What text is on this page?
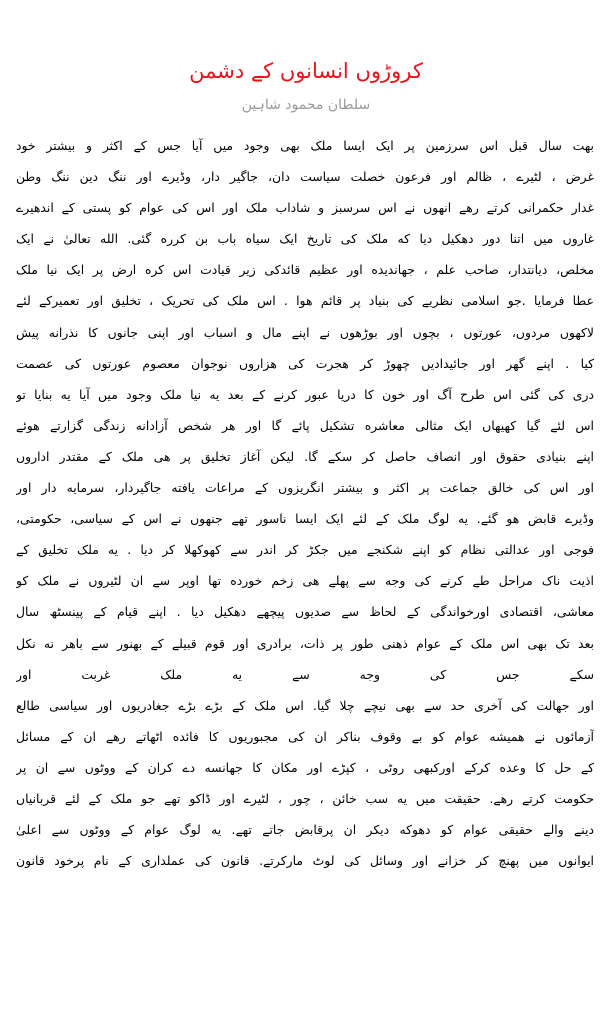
کروڑوں انسانوں کے دشمن
سلطان محمود شاہین
بهت سال قبل اس سرزمین پر ایک ایسا ملک بهی وجود میں آیا جس کے اکثر و بیشتر خود
غرض ، لٹیرے ، ظالم اور فرعون خصلت سیاست دان، جاگیر دار، وڈیرے اور ننگ دین ننگ وطن
غدار حکمرانی کرتے رهے انهوں نے اس سرسبز و شاداب ملک اور اس کی عوام کو پستی کے اندهیرے
غاروں میں اتنا دور دهکیل دیا که ملک کی تاریخ ایک سیاه باب بن کرره گئی. الله تعالیٰ نے ایک
مخلص، دیانتدار، صاحب علم ، جهاندیده اور عظیم قائدکی زیر قیادت اس کره ارض پر ایک نیا ملک
عطا فرمایا .جو اسلامی نظریے کی بنیاد پر قائم هوا . اس ملک کی تحریک ، تخلیق اور تعمیرکے لئے
لاکهوں مردوں، عورتوں ، بچوں اور بوڑهوں نے اپنے مال و اسباب اور اپنی جانوں کا نذرانه پیش
کیا . اپنے گهر اور جائیدادیں چهوڑ کر هجرت کی هزاروں نوجوان معصوم عورتوں کی عصمت
دری کی گئی اس طرح آگ اور خون کا دریا عبور کرنے کے بعد یه نیا ملک وجود میں آیا یه بنایا تو
اس لئے گیا کهیهاں ایک مثالی معاشره تشکیل پائے گا اور هر شخص آزادانه زندگی گزارتے هوئے
اپنے بنیادی حقوق اور انصاف حاصل کر سکے گا. لیکن آغاز تخلیق پر هی ملک کے مقتدر اداروں
اور اس کی خالق جماعت پر اکثر و بیشتر انگریزوں کے مراعات یافته جاگیردار، سرمایه دار اور
وڈیرے قابض هو گئے. یه لوگ ملک کے لئے ایک ایسا ناسور تهے جنهوں نے اس کے سیاسی، حکومتی،
فوجی اور عدالتی نظام کو اپنے شکنجے میں جکڑ کر اندر سے کهوکهلا کر دیا . یه ملک تخلیق کے
اذیت ناک مراحل طے کرنے کی وجه سے پهلے هی زخم خورده تها اوپر سے ان لٹیروں نے ملک کو
معاشی، اقتصادی اورخواندگی کے لحاظ سے صدیوں پیچهے دهکیل دیا . اپنے قیام کے پینسٹھ سال
بعد تک بهی اس ملک کے عوام ذهنی طور پر ذات، برادری اور قوم قبیلے کے بهنور سے باهر نه نکل
سکے جس کی وجه سے یه ملک غربت اور
اور جهالت کی آخری حد سے بهی نیچے چلا گیا. اس ملک کے بڑے بڑے جغادریوں اور سیاسی طالع
آزمائوں نے همیشه عوام کو بے وقوف بناکر ان کی مجبوریوں کا فائده اٹهاتے رهے ان کے مسائل
کے حل کا وعده کرکے اورکبهی روٹی ، کپڑے اور مکان کا جهانسه دے کران کے ووٹوں سے ان پر
حکومت کرتے رهے. حقیقت میں یه سب خائن ، چور ، لٹیرے اور ڈاکو تهے جو ملک کے لئے قربانیاں
دینے والے حقیقی عوام کو دهوکه دیکر ان پرقابض جاتے تهے. یه لوگ عوام کے ووٹوں سے اعلیٰ
ایوانوں میں پهنچ کر خزانے اور وسائل کی لوٹ مارکرتے. قانون کی عملداری کے نام پرخود قانون
